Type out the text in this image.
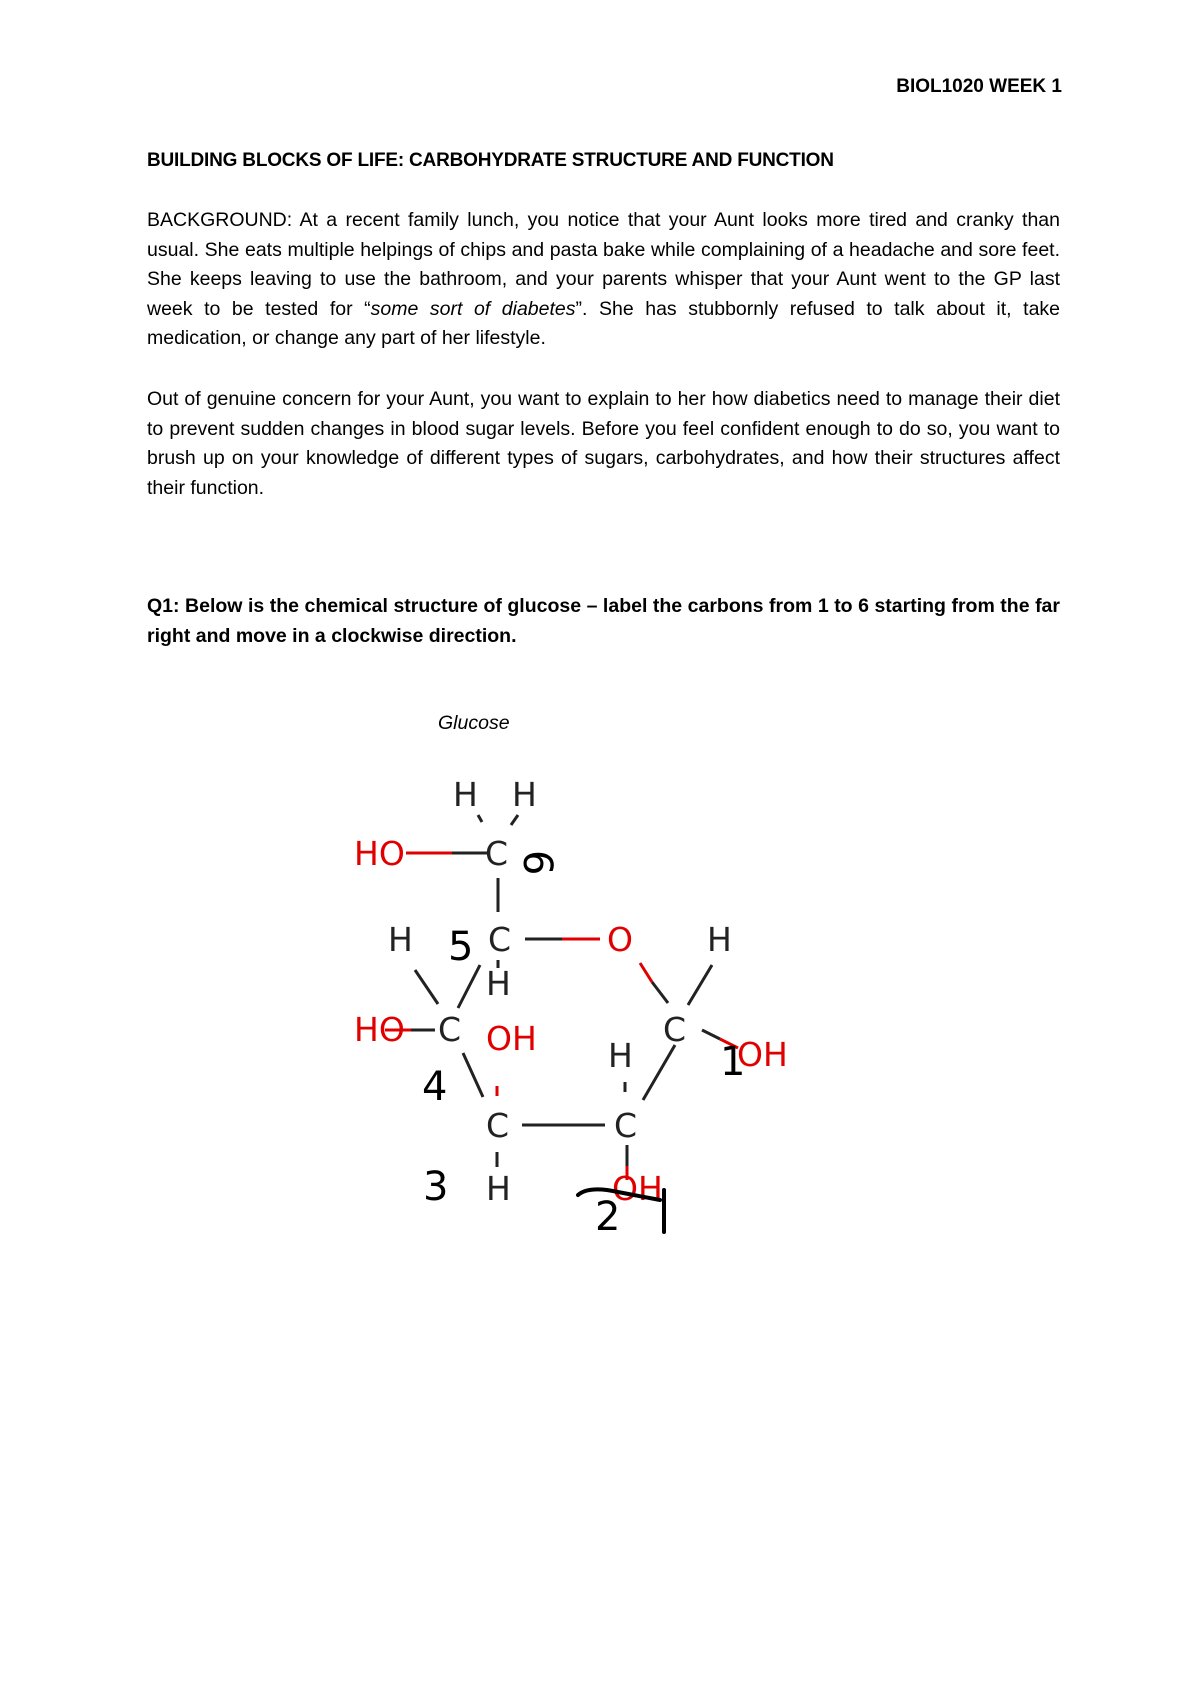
BIOL1020 WEEK 1
BUILDING BLOCKS OF LIFE: CARBOHYDRATE STRUCTURE AND FUNCTION

BACKGROUND: At a recent family lunch, you notice that your Aunt looks more tired and cranky than usual. She eats multiple helpings of chips and pasta bake while complaining of a headache and sore feet. She keeps leaving to use the bathroom, and your parents whisper that your Aunt went to the GP last week to be tested for “some sort of diabetes”. She has stubbornly refused to talk about it, take medication, or change any part of her lifestyle.

Out of genuine concern for your Aunt, you want to explain to her how diabetics need to manage their diet to prevent sudden changes in blood sugar levels. Before you feel confident enough to do so, you want to brush up on your knowledge of different types of sugars, carbohydrates, and how their structures affect their function.

Q1: Below is the chemical structure of glucose – label the carbons from 1 to 6 starting from the far right and move in a clockwise direction.

Glucose
H H
HO C
C	O
H	H
H
HO C OH	C
H	OH
C	C
H	OH
6
5
4
3
2
1
